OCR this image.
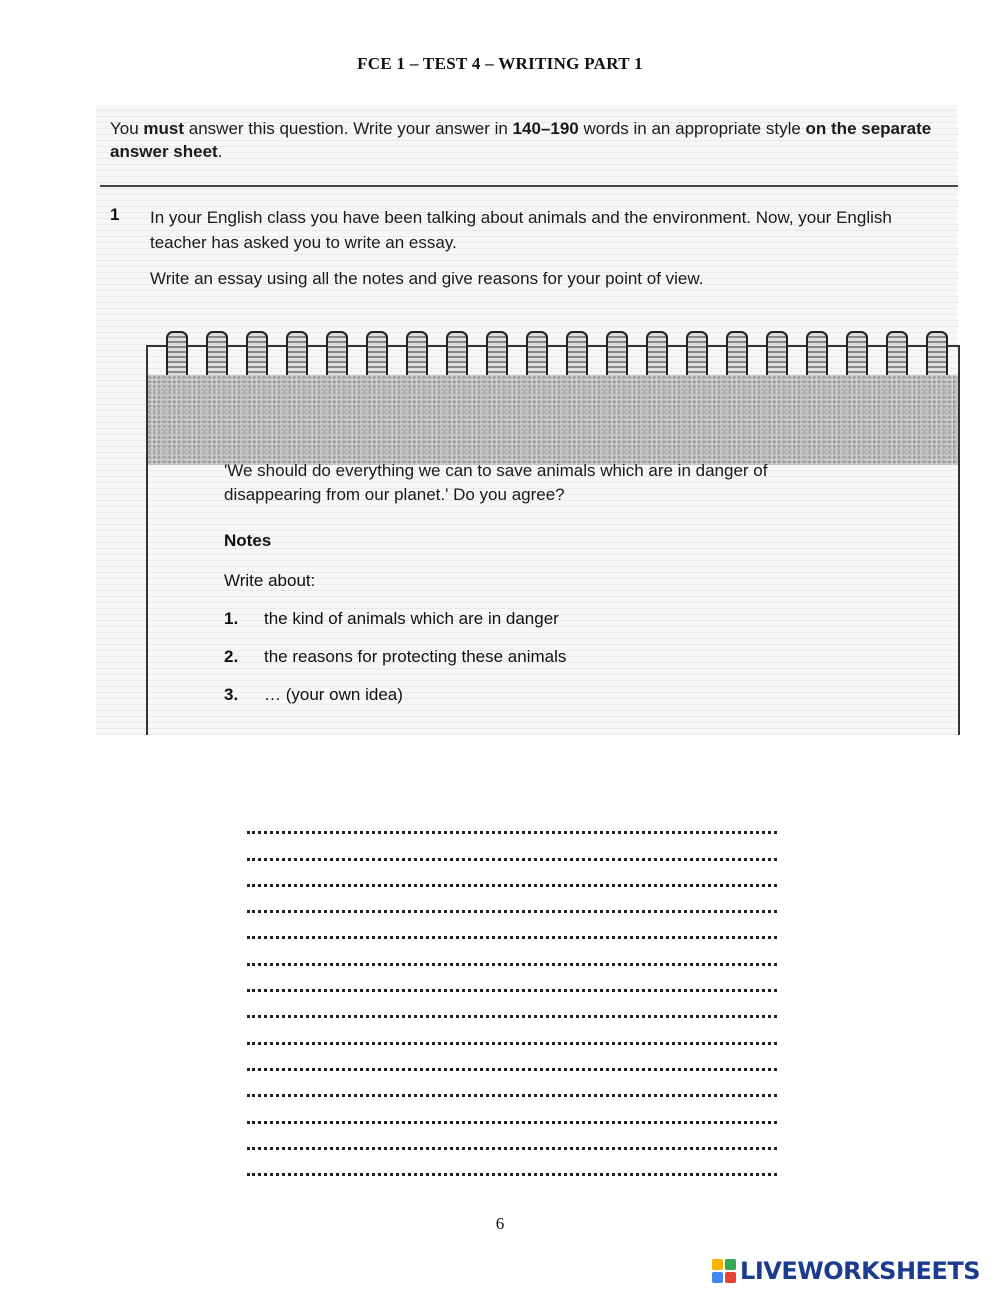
FCE 1 – TEST 4 – WRITING PART 1
You must answer this question. Write your answer in 140–190 words in an appropriate style on the separate answer sheet.
1 In your English class you have been talking about animals and the environment. Now, your English teacher has asked you to write an essay.
Write an essay using all the notes and give reasons for your point of view.
'We should do everything we can to save animals which are in danger of disappearing from our planet.' Do you agree?
Notes
Write about:
1.	the kind of animals which are in danger
2.	the reasons for protecting these animals
3.	… (your own idea)
6
LIVEWORKSHEETS
